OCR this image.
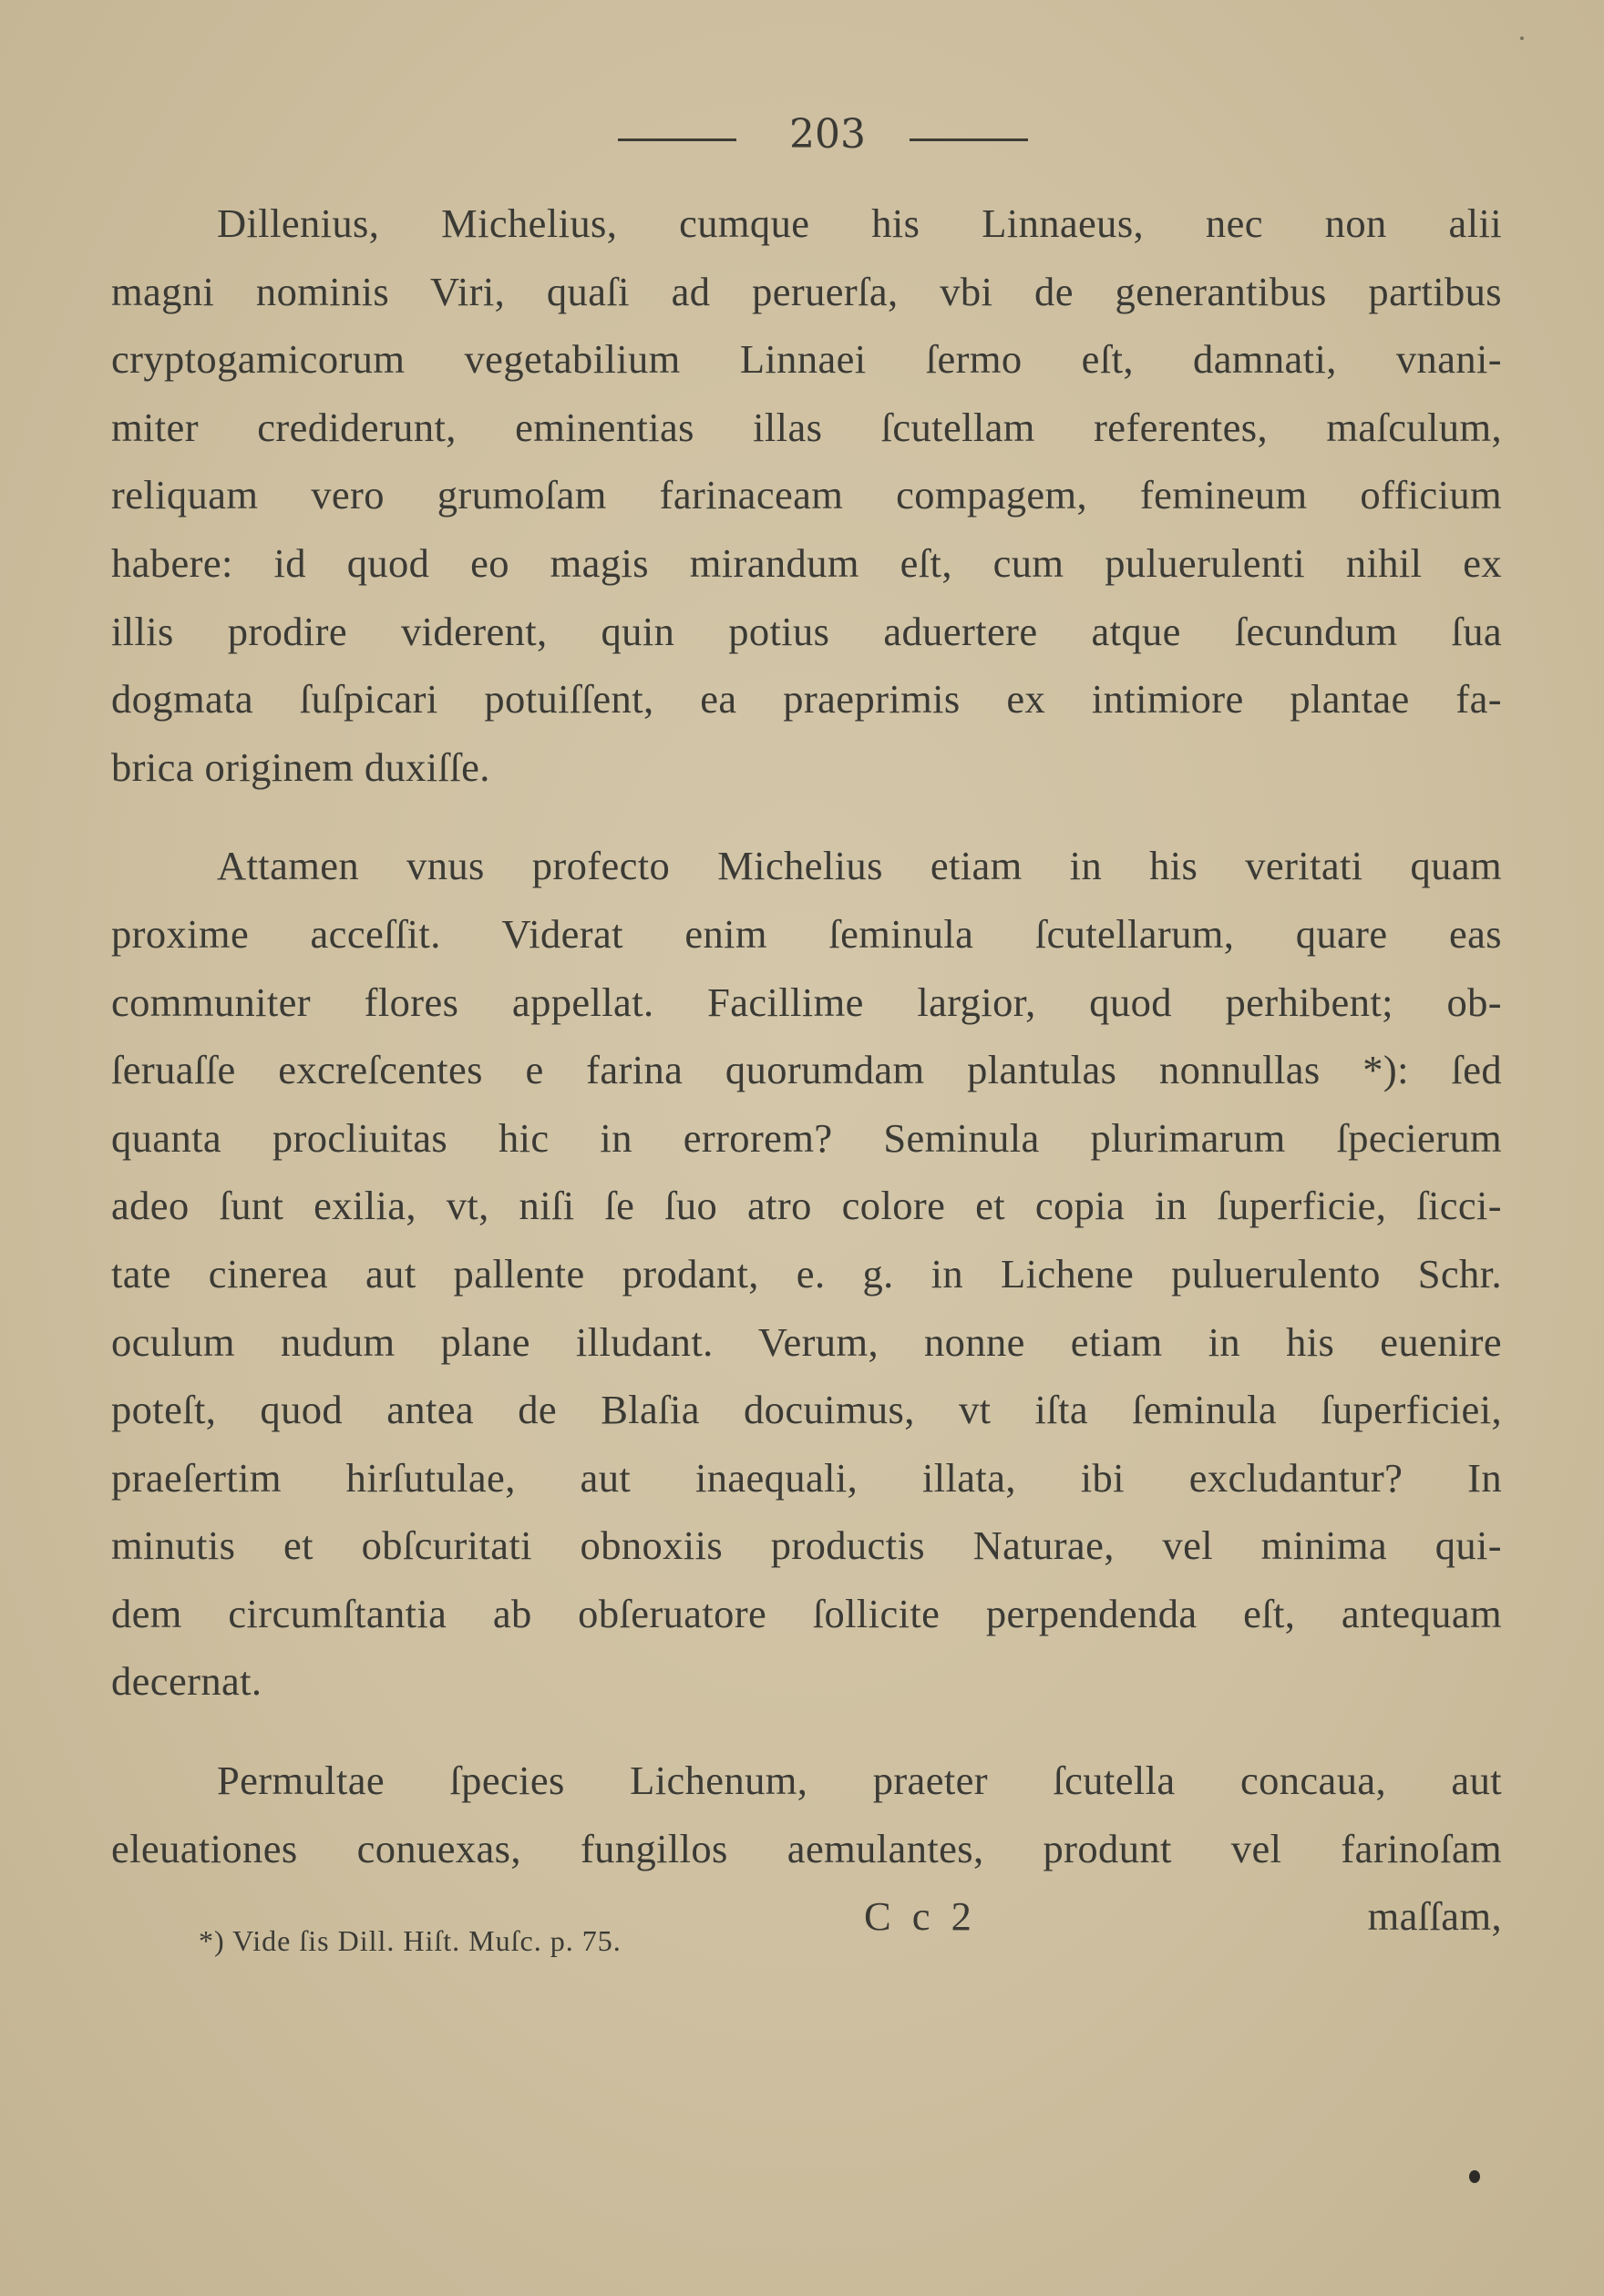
203
Dillenius, Michelius, cumque his Linnaeus, nec non alii
magni nominis Viri, quaſi ad peruerſa, vbi de generantibus partibus
cryptogamicorum vegetabilium Linnaei ſermo eſt, damnati, vnani-
miter crediderunt, eminentias illas ſcutellam referentes, maſculum,
reliquam vero grumoſam farinaceam compagem, femineum officium
habere: id quod eo magis mirandum eſt, cum puluerulenti nihil ex
illis prodire viderent, quin potius aduertere atque ſecundum ſua
dogmata ſuſpicari potuiſſent, ea praeprimis ex intimiore plantae fa-
brica originem duxiſſe.
Attamen vnus profecto Michelius etiam in his veritati quam
proxime acceſſit. Viderat enim ſeminula ſcutellarum, quare eas
communiter flores appellat. Facillime largior, quod perhibent; ob-
ſeruaſſe excreſcentes e farina quorumdam plantulas nonnullas *): ſed
quanta procliuitas hic in errorem? Seminula plurimarum ſpecierum
adeo ſunt exilia, vt, niſi ſe ſuo atro colore et copia in ſuperficie, ſicci-
tate cinerea aut pallente prodant, e. g. in Lichene puluerulento Schr.
oculum nudum plane illudant. Verum, nonne etiam in his euenire
poteſt, quod antea de Blaſia docuimus, vt iſta ſeminula ſuperficiei,
praeſertim hirſutulae, aut inaequali, illata, ibi excludantur? In
minutis et obſcuritati obnoxiis productis Naturae, vel minima qui-
dem circumſtantia ab obſeruatore ſollicite perpendenda eſt, antequam
decernat.
Permultae ſpecies Lichenum, praeter ſcutella concaua, aut
eleuationes conuexas, fungillos aemulantes, produnt vel farinoſam
C c 2	maſſam,
*) Vide ſis Dill. Hiſt. Muſc. p. 75.
